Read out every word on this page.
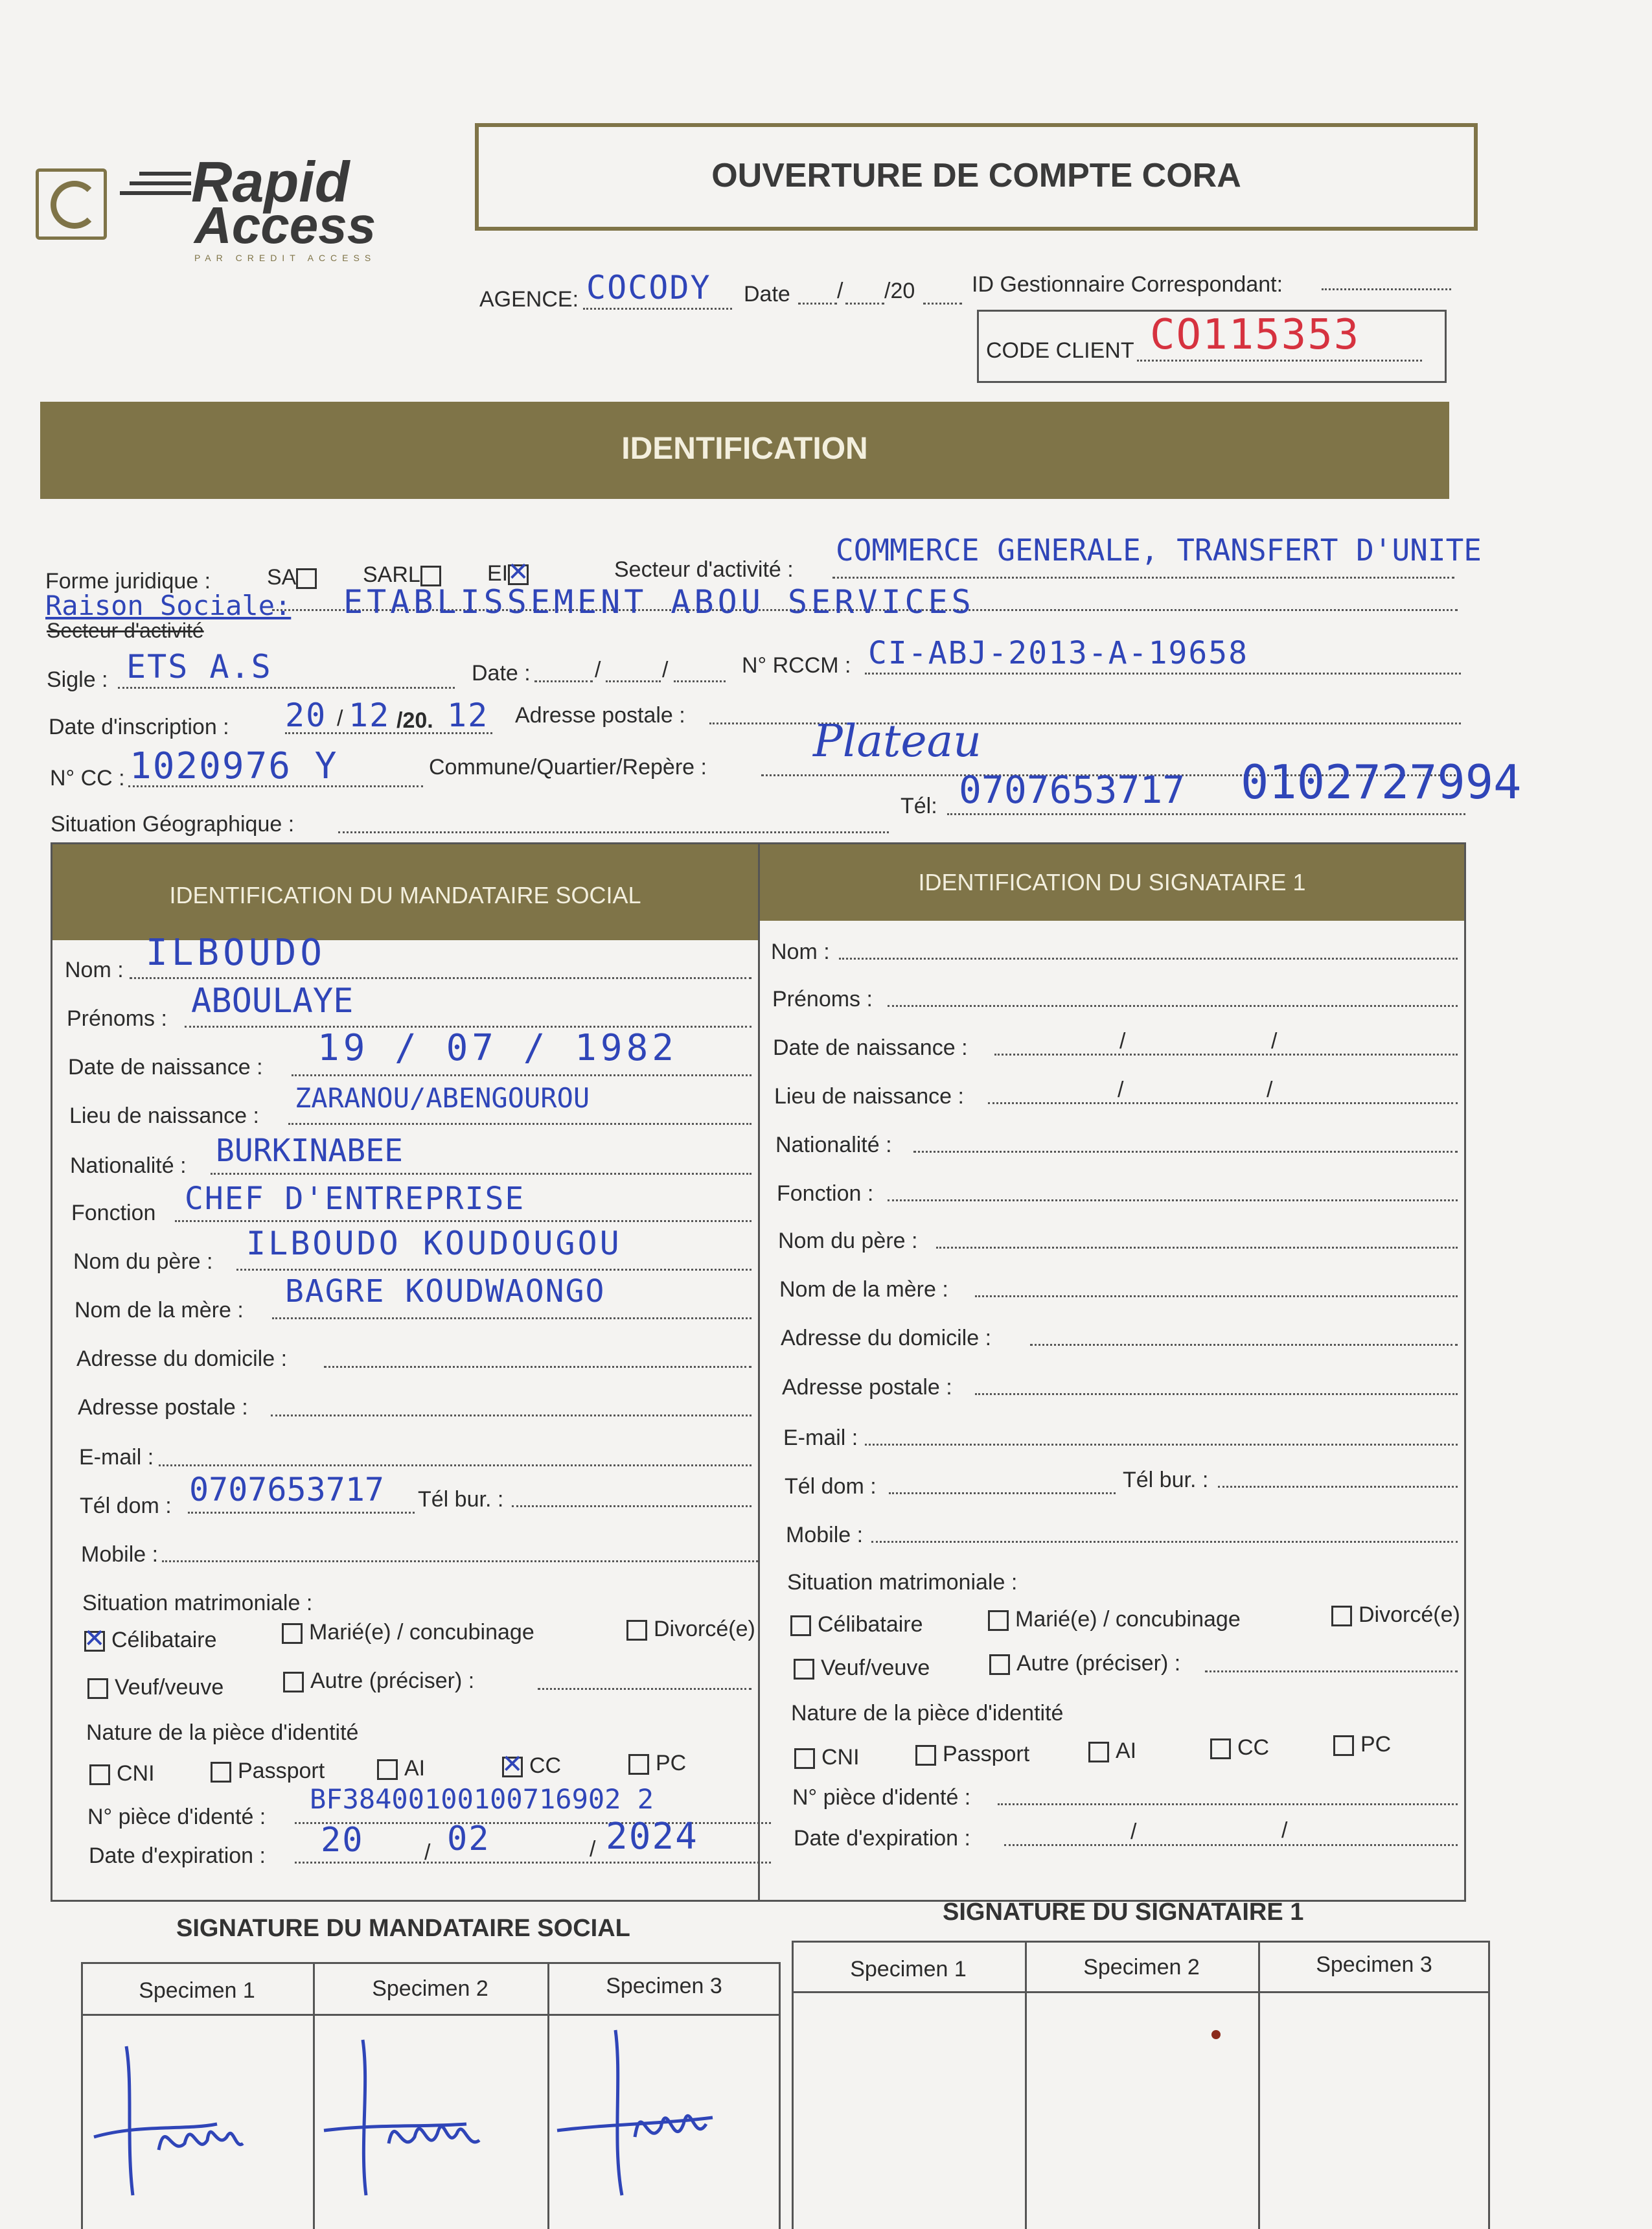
Rapid
Access
PAR CREDIT ACCESS
OUVERTURE DE COMPTE CORA
AGENCE: COCODY Date / /20	ID Gestionnaire Correspondant:
CODE CLIENT CO115353
IDENTIFICATION
Forme juridique :	SA	SARL	EI ✕	Secteur d'activité :
COMMERCE GENERALE, TRANSFERT D'UNITE
Raison Sociale:
Secteur d'activité
ETABLISSEMENT ABOU SERVICES
Sigle : ETS A.S	Date :	/	/	N° RCCM : CI-ABJ-2013-A-19658
Date d'inscription : 20 / 12 /20. 12 Adresse postale :
N° CC : 1020976 Y	Commune/Quartier/Repère : Plateau
Situation Géographique :
Tél: 0707653717 0102727994
IDENTIFICATION DU MANDATAIRE SOCIAL	IDENTIFICATION DU SIGNATAIRE 1
Nom : ILBOUDO
Prénoms : ABOULAYE
Date de naissance : 19 / 07 / 1982
Lieu de naissance :
ZARANOU/ABENGOUROU
Nationalité : BURKINABEE
Fonction CHEF D'ENTREPRISE
Nom du père : ILBOUDO KOUDOUGOU
Nom de la mère :
BAGRE KOUDWAONGO
Adresse du domicile :
Adresse postale :
E-mail :
Tél dom : 0707653717 Tél bur. :
Mobile :
Situation matrimoniale :
✕Célibataire	Marié(e) / concubinage	Divorcé(e)
Veuf/veuve	Autre (préciser) :
Nature de la pièce d'identité
CNI	Passport	AI ✕	CC	PC
N° pièce d'identé :
BF38400100100716902 2
Date d'expiration : 20	/ 02	/ 2024
Nom :
Prénoms :
Date de naissance :	/	/
Lieu de naissance :	/	/
Nationalité :
Fonction :
Nom du père :
Nom de la mère :
Adresse du domicile :
Adresse postale :
E-mail :
Tél dom :	Tél bur. :
Mobile :
Situation matrimoniale :
Célibataire	Marié(e) / concubinage	Divorcé(e)
Veuf/veuve	Autre (préciser) :
Nature de la pièce d'identité
CNI	Passport	AI	CC	PC
N° pièce d'identé :
Date d'expiration :	/	/
SIGNATURE DU MANDATAIRE SOCIAL
SIGNATURE DU SIGNATAIRE 1
Specimen 1	Specimen 2	Specimen 3
Specimen 1	Specimen 2	Specimen 3
